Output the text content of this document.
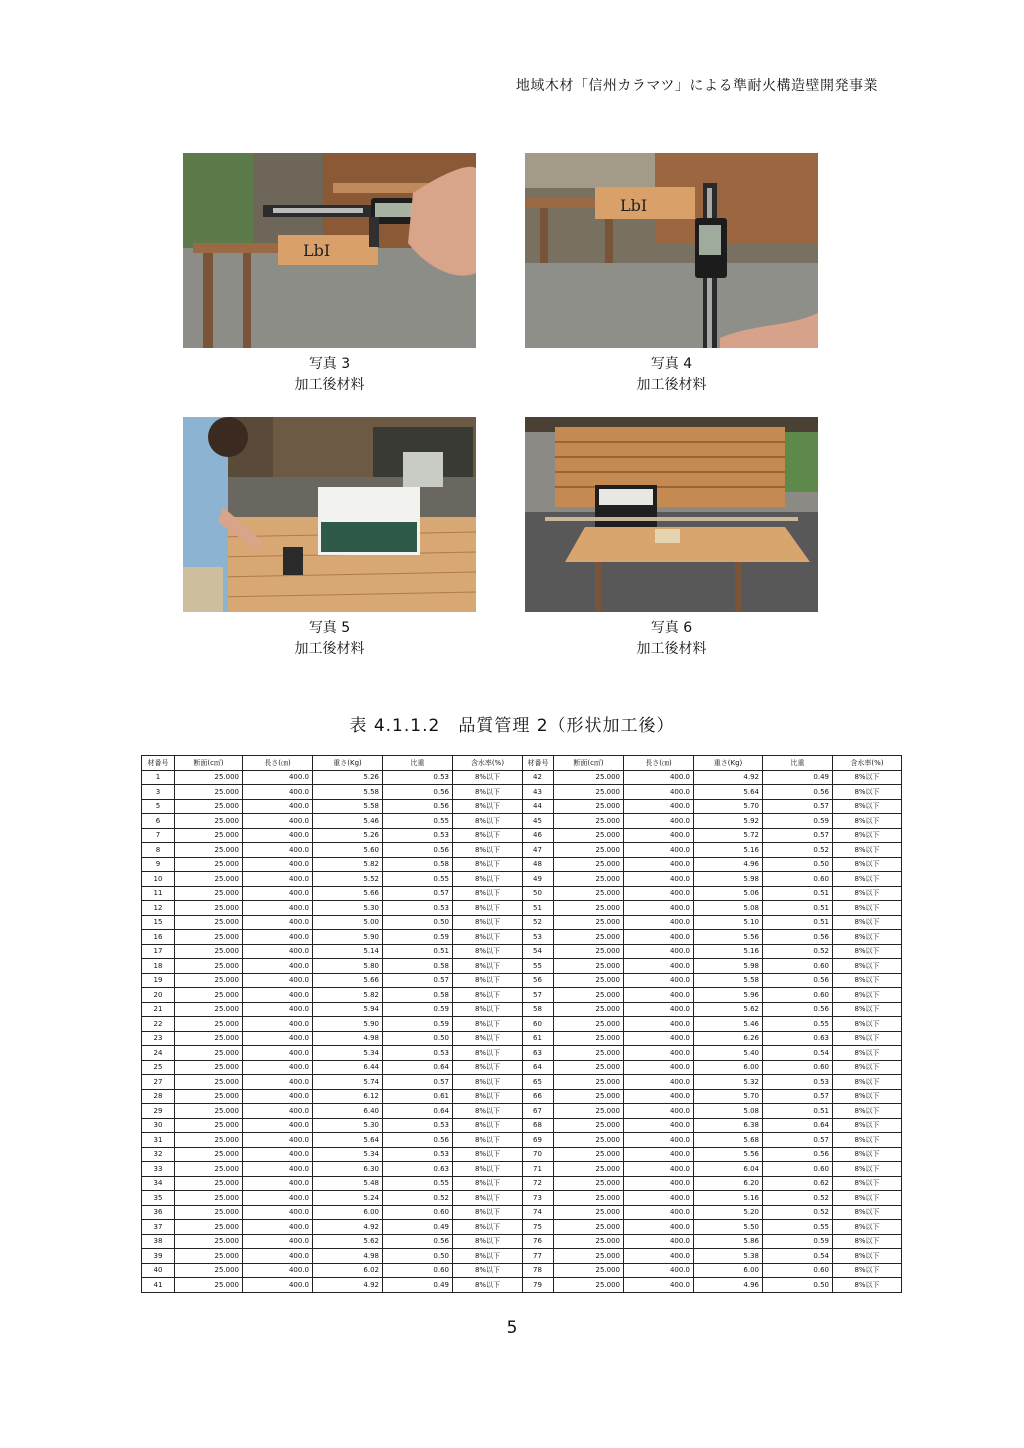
地域木材「信州カラマツ」による準耐火構造壁開発事業
LbI
LbI
写真 3
加工後材料
写真 4
加工後材料
写真 5
加工後材料
写真 6
加工後材料
表 4.1.1.2　品質管理 2（形状加工後）
材番号	断面(c㎡)	長さ(㎝)	重さ(Kg)	比重	含水率(%)	材番号	断面(c㎡)	長さ(㎝)	重さ(Kg)	比重	含水率(%)
1	25.000	400.0	5.26	0.53	8%以下	42	25.000	400.0	4.92	0.49	8%以下
3	25.000	400.0	5.58	0.56	8%以下	43	25.000	400.0	5.64	0.56	8%以下
5	25.000	400.0	5.58	0.56	8%以下	44	25.000	400.0	5.70	0.57	8%以下
6	25.000	400.0	5.46	0.55	8%以下	45	25.000	400.0	5.92	0.59	8%以下
7	25.000	400.0	5.26	0.53	8%以下	46	25.000	400.0	5.72	0.57	8%以下
8	25.000	400.0	5.60	0.56	8%以下	47	25.000	400.0	5.16	0.52	8%以下
9	25.000	400.0	5.82	0.58	8%以下	48	25.000	400.0	4.96	0.50	8%以下
10	25.000	400.0	5.52	0.55	8%以下	49	25.000	400.0	5.98	0.60	8%以下
11	25.000	400.0	5.66	0.57	8%以下	50	25.000	400.0	5.06	0.51	8%以下
12	25.000	400.0	5.30	0.53	8%以下	51	25.000	400.0	5.08	0.51	8%以下
15	25.000	400.0	5.00	0.50	8%以下	52	25.000	400.0	5.10	0.51	8%以下
16	25.000	400.0	5.90	0.59	8%以下	53	25.000	400.0	5.56	0.56	8%以下
17	25.000	400.0	5.14	0.51	8%以下	54	25.000	400.0	5.16	0.52	8%以下
18	25.000	400.0	5.80	0.58	8%以下	55	25.000	400.0	5.98	0.60	8%以下
19	25.000	400.0	5.66	0.57	8%以下	56	25.000	400.0	5.58	0.56	8%以下
20	25.000	400.0	5.82	0.58	8%以下	57	25.000	400.0	5.96	0.60	8%以下
21	25.000	400.0	5.94	0.59	8%以下	58	25.000	400.0	5.62	0.56	8%以下
22	25.000	400.0	5.90	0.59	8%以下	60	25.000	400.0	5.46	0.55	8%以下
23	25.000	400.0	4.98	0.50	8%以下	61	25.000	400.0	6.26	0.63	8%以下
24	25.000	400.0	5.34	0.53	8%以下	63	25.000	400.0	5.40	0.54	8%以下
25	25.000	400.0	6.44	0.64	8%以下	64	25.000	400.0	6.00	0.60	8%以下
27	25.000	400.0	5.74	0.57	8%以下	65	25.000	400.0	5.32	0.53	8%以下
28	25.000	400.0	6.12	0.61	8%以下	66	25.000	400.0	5.70	0.57	8%以下
29	25.000	400.0	6.40	0.64	8%以下	67	25.000	400.0	5.08	0.51	8%以下
30	25.000	400.0	5.30	0.53	8%以下	68	25.000	400.0	6.38	0.64	8%以下
31	25.000	400.0	5.64	0.56	8%以下	69	25.000	400.0	5.68	0.57	8%以下
32	25.000	400.0	5.34	0.53	8%以下	70	25.000	400.0	5.56	0.56	8%以下
33	25.000	400.0	6.30	0.63	8%以下	71	25.000	400.0	6.04	0.60	8%以下
34	25.000	400.0	5.48	0.55	8%以下	72	25.000	400.0	6.20	0.62	8%以下
35	25.000	400.0	5.24	0.52	8%以下	73	25.000	400.0	5.16	0.52	8%以下
36	25.000	400.0	6.00	0.60	8%以下	74	25.000	400.0	5.20	0.52	8%以下
37	25.000	400.0	4.92	0.49	8%以下	75	25.000	400.0	5.50	0.55	8%以下
38	25.000	400.0	5.62	0.56	8%以下	76	25.000	400.0	5.86	0.59	8%以下
39	25.000	400.0	4.98	0.50	8%以下	77	25.000	400.0	5.38	0.54	8%以下
40	25.000	400.0	6.02	0.60	8%以下	78	25.000	400.0	6.00	0.60	8%以下
41	25.000	400.0	4.92	0.49	8%以下	79	25.000	400.0	4.96	0.50	8%以下
5
